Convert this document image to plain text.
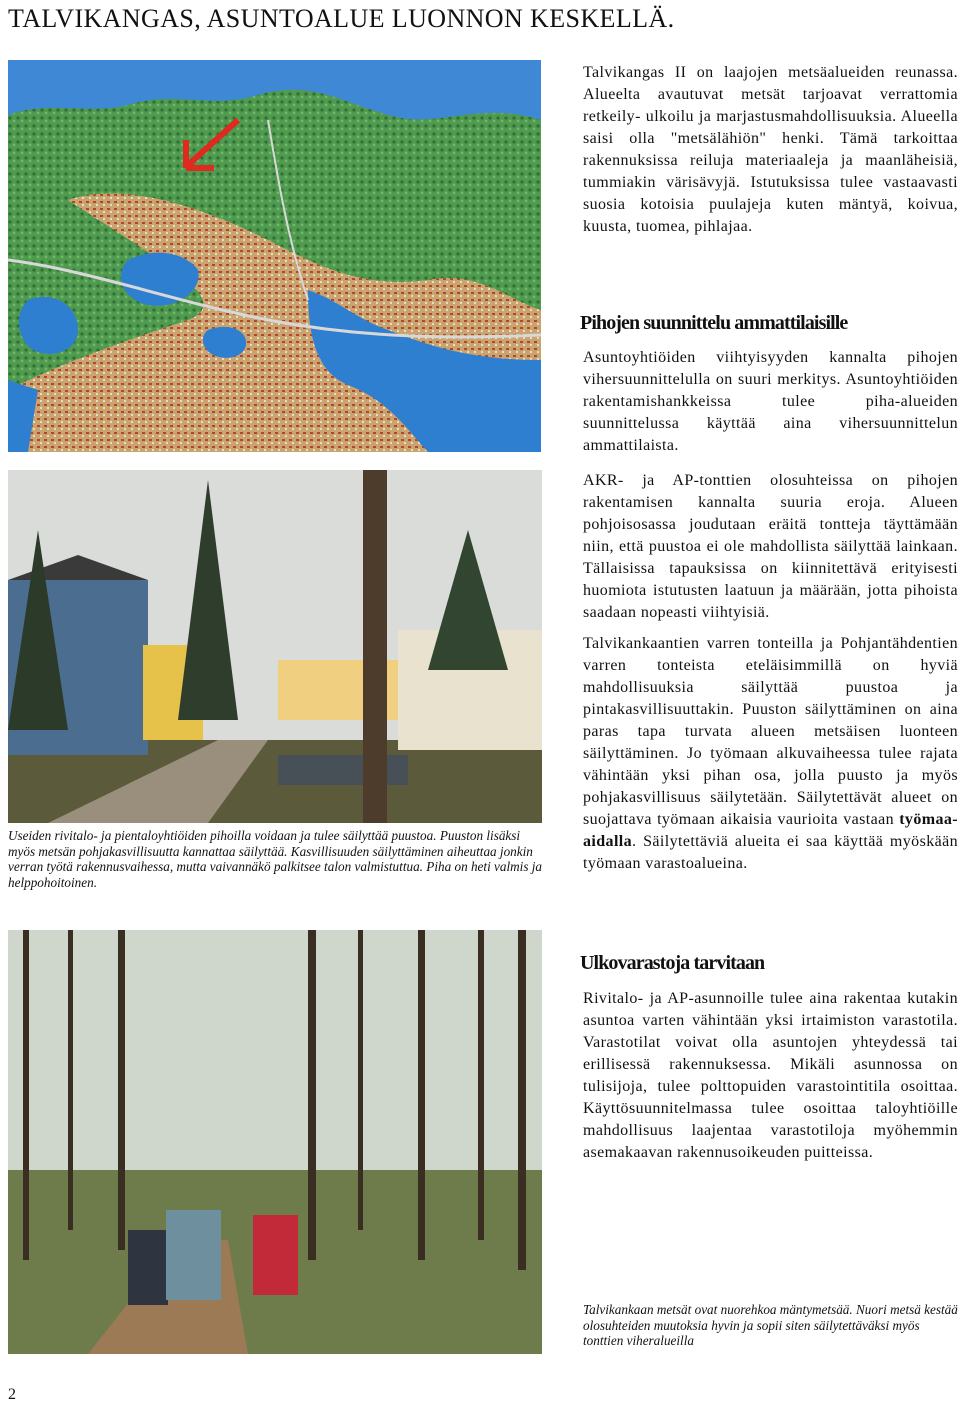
TALVIKANGAS, ASUNTOALUE LUONNON KESKELLÄ.
Talvikangas II on laajojen metsäalueiden reunassa. Alueelta avautuvat metsät tarjoavat verrattomia retkeily- ulkoilu ja marjastusmahdollisuuksia. Alueella saisi olla "metsälähiön" henki. Tämä tarkoittaa rakennuksissa reiluja materiaaleja ja maanläheisiä, tummiakin värisävyjä. Istutuksissa tulee vastaavasti suosia kotoisia puulajeja kuten mäntyä, koivua, kuusta, tuomea, pihlajaa.
Pihojen suunnittelu ammattilaisille
Asuntoyhtiöiden viihtyisyyden kannalta pihojen vihersuunnittelulla on suuri merkitys. Asuntoyhtiöiden rakentamishankkeissa tulee piha-alueiden suunnittelussa käyttää aina vihersuunnittelun ammattilaista.
AKR- ja AP-tonttien olosuhteissa on pihojen rakentamisen kannalta suuria eroja. Alueen pohjoisosassa joudutaan eräitä tontteja täyttämään niin, että puustoa ei ole mahdollista säilyttää lainkaan. Tällaisissa tapauksissa on kiinnitettävä erityisesti huomiota istutusten laatuun ja määrään, jotta pihoista saadaan nopeasti viihtyisiä.
Talvikankaantien varren tonteilla ja Pohjantähdentien varren tonteista eteläisimmillä on hyviä mahdollisuuksia säilyttää puustoa ja pintakasvillisuuttakin. Puuston säilyttäminen on aina paras tapa turvata alueen metsäisen luonteen säilyttäminen. Jo työmaan alkuvaiheessa tulee rajata vähintään yksi pihan osa, jolla puusto ja myös pohjakasvillisuus säilytetään. Säilytettävät alueet on suojattava työmaan aikaisia vaurioita vastaan työmaa-aidalla. Säilytettäviä alueita ei saa käyttää myöskään työmaan varastoalueina.
Useiden rivitalo- ja pientaloyhtiöiden pihoilla voidaan ja tulee säilyttää puustoa. Puuston lisäksi myös metsän pohjakasvillisuutta kannattaa säilyttää. Kasvillisuuden säilyttäminen aiheuttaa jonkin verran työtä rakennusvaihessa, mutta vaivannäkö palkitsee talon valmistuttua. Piha on heti valmis ja helppohoitoinen.
Ulkovarastoja tarvitaan
Rivitalo- ja AP-asunnoille tulee aina rakentaa kutakin asuntoa varten vähintään yksi irtaimiston varastotila. Varastotilat voivat olla asuntojen yhteydessä tai erillisessä rakennuksessa. Mikäli asunnossa on tulisijoja, tulee polttopuiden varastointitila osoittaa. Käyttösuunnitelmassa tulee osoittaa taloyhtiöille mahdollisuus laajentaa varastotiloja myöhemmin asemakaavan rakennusoikeuden puitteissa.
Talvikankaan metsät ovat nuorehkoa mäntymetsää. Nuori metsä kestää olosuhteiden muutoksia hyvin ja sopii siten säilytettäväksi myös tonttien viheralueilla
2
